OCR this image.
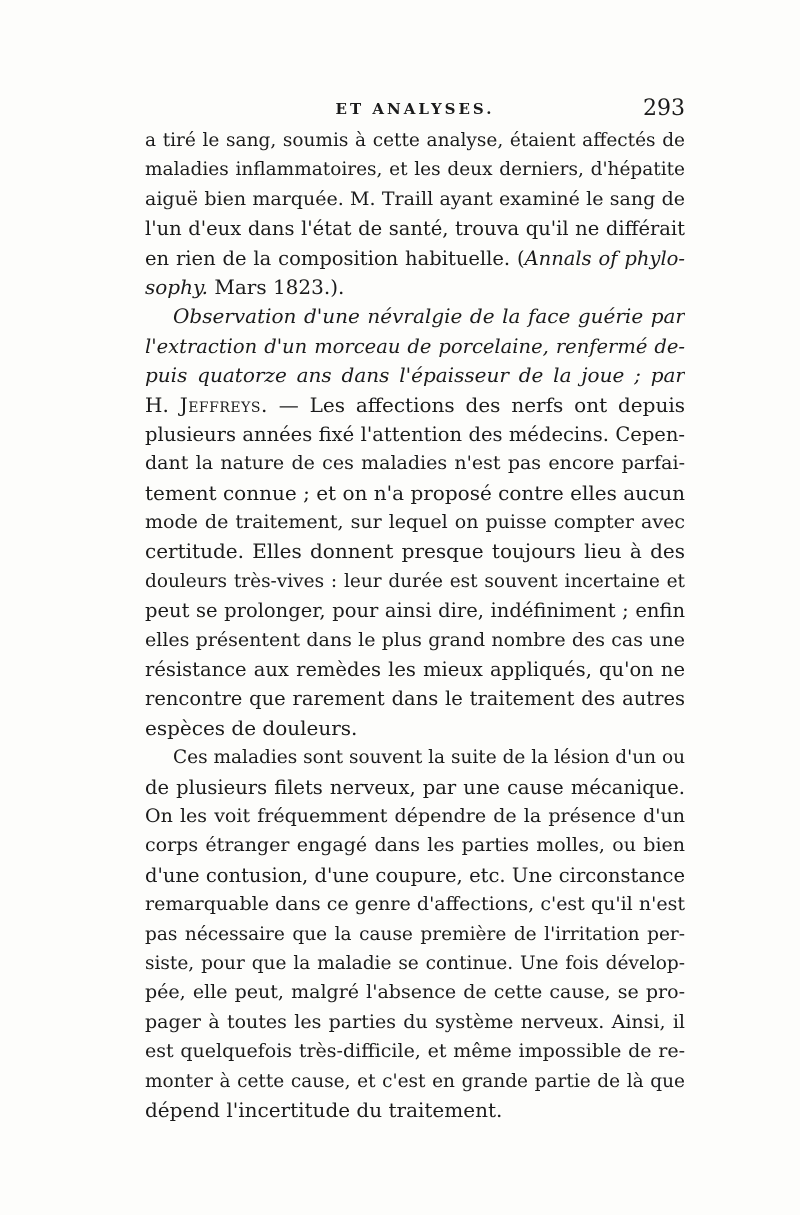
ET ANALYSES.	293
a tiré le sang, soumis à cette analyse, étaient affectés de
maladies inflammatoires, et les deux derniers, d'hépatite
aiguë bien marquée. M. Traill ayant examiné le sang de
l'un d'eux dans l'état de santé, trouva qu'il ne différait
en rien de la composition habituelle. (Annals of phylo-
sophy. Mars 1823.).
Observation d'une névralgie de la face guérie par
l'extraction d'un morceau de porcelaine, renfermé de-
puis quatorze ans dans l'épaisseur de la joue ; par
H. Jeffreys. — Les affections des nerfs ont depuis
plusieurs années fixé l'attention des médecins. Cepen-
dant la nature de ces maladies n'est pas encore parfai-
tement connue ; et on n'a proposé contre elles aucun
mode de traitement, sur lequel on puisse compter avec
certitude. Elles donnent presque toujours lieu à des
douleurs très-vives : leur durée est souvent incertaine et
peut se prolonger, pour ainsi dire, indéfiniment ; enfin
elles présentent dans le plus grand nombre des cas une
résistance aux remèdes les mieux appliqués, qu'on ne
rencontre que rarement dans le traitement des autres
espèces de douleurs.
Ces maladies sont souvent la suite de la lésion d'un ou
de plusieurs filets nerveux, par une cause mécanique.
On les voit fréquemment dépendre de la présence d'un
corps étranger engagé dans les parties molles, ou bien
d'une contusion, d'une coupure, etc. Une circonstance
remarquable dans ce genre d'affections, c'est qu'il n'est
pas nécessaire que la cause première de l'irritation per-
siste, pour que la maladie se continue. Une fois dévelop-
pée, elle peut, malgré l'absence de cette cause, se pro-
pager à toutes les parties du système nerveux. Ainsi, il
est quelquefois très-difficile, et même impossible de re-
monter à cette cause, et c'est en grande partie de là que
dépend l'incertitude du traitement.
